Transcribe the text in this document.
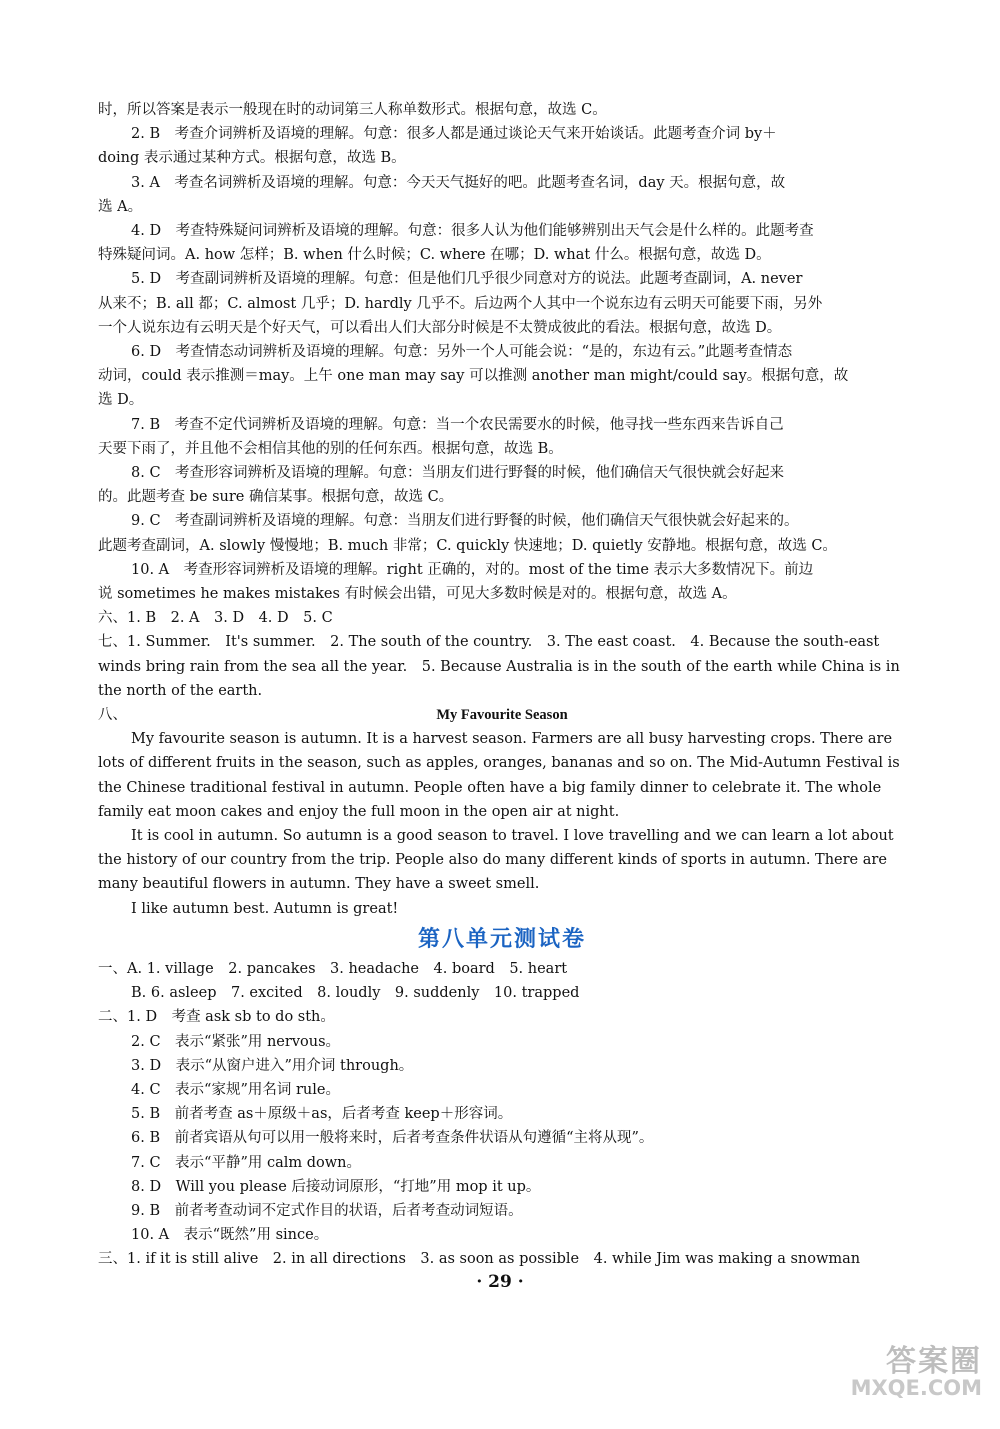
时，所以答案是表示一般现在时的动词第三人称单数形式。根据句意，故选 C。
2. B　考查介词辨析及语境的理解。句意：很多人都是通过谈论天气来开始谈话。此题考查介词 by＋
doing 表示通过某种方式。根据句意，故选 B。
3. A　考查名词辨析及语境的理解。句意：今天天气挺好的吧。此题考查名词，day 天。根据句意，故
选 A。
4. D　考查特殊疑问词辨析及语境的理解。句意：很多人认为他们能够辨别出天气会是什么样的。此题考查
特殊疑问词。A. how 怎样；B. when 什么时候；C. where 在哪；D. what 什么。根据句意，故选 D。
5. D　考查副词辨析及语境的理解。句意：但是他们几乎很少同意对方的说法。此题考查副词，A. never
从来不；B. all 都；C. almost 几乎；D. hardly 几乎不。后边两个人其中一个说东边有云明天可能要下雨，另外
一个人说东边有云明天是个好天气，可以看出人们大部分时候是不太赞成彼此的看法。根据句意，故选 D。
6. D　考查情态动词辨析及语境的理解。句意：另外一个人可能会说：“是的，东边有云。”此题考查情态
动词，could 表示推测＝may。上午 one man may say 可以推测 another man might/could say。根据句意，故
选 D。
7. B　考查不定代词辨析及语境的理解。句意：当一个农民需要水的时候，他寻找一些东西来告诉自己
天要下雨了，并且他不会相信其他的别的任何东西。根据句意，故选 B。
8. C　考查形容词辨析及语境的理解。句意：当朋友们进行野餐的时候，他们确信天气很快就会好起来
的。此题考查 be sure 确信某事。根据句意，故选 C。
9. C　考查副词辨析及语境的理解。句意：当朋友们进行野餐的时候，他们确信天气很快就会好起来的。
此题考查副词，A. slowly 慢慢地；B. much 非常；C. quickly 快速地；D. quietly 安静地。根据句意，故选 C。
10. A　考查形容词辨析及语境的理解。right 正确的，对的。most of the time 表示大多数情况下。前边
说 sometimes he makes mistakes 有时候会出错，可见大多数时候是对的。根据句意，故选 A。
六、1. B　2. A　3. D　4. D　5. C
七、1. Summer.　It's summer.　2. The south of the country.　3. The east coast.　4. Because the south-east
winds bring rain from the sea all the year.　5. Because Australia is in the south of the earth while China is in
the north of the earth.
八、	My Favourite Season
My favourite season is autumn. It is a harvest season. Farmers are all busy harvesting crops. There are lots of different fruits in the season, such as apples, oranges, bananas and so on. The Mid-Autumn Festival is the Chinese traditional festival in autumn. People often have a big family dinner to celebrate it. The whole family eat moon cakes and enjoy the full moon in the open air at night.
It is cool in autumn. So autumn is a good season to travel. I love travelling and we can learn a lot about the history of our country from the trip. People also do many different kinds of sports in autumn. There are many beautiful flowers in autumn. They have a sweet smell.
I like autumn best. Autumn is great!
第八单元测试卷
一、A. 1. village　2. pancakes　3. headache　4. board　5. heart
B. 6. asleep　7. excited　8. loudly　9. suddenly　10. trapped
二、1. D　考查 ask sb to do sth。
2. C　表示“紧张”用 nervous。
3. D　表示“从窗户进入”用介词 through。
4. C　表示“家规”用名词 rule。
5. B　前者考查 as＋原级＋as，后者考查 keep＋形容词。
6. B　前者宾语从句可以用一般将来时，后者考查条件状语从句遵循“主将从现”。
7. C　表示“平静”用 calm down。
8. D　Will you please 后接动词原形，“打地”用 mop it up。
9. B　前者考查动词不定式作目的状语，后者考查动词短语。
10. A　表示“既然”用 since。
三、1. if it is still alive　2. in all directions　3. as soon as possible　4. while Jim was making a snowman
· 29 ·
答案圈
MXQE.COM
